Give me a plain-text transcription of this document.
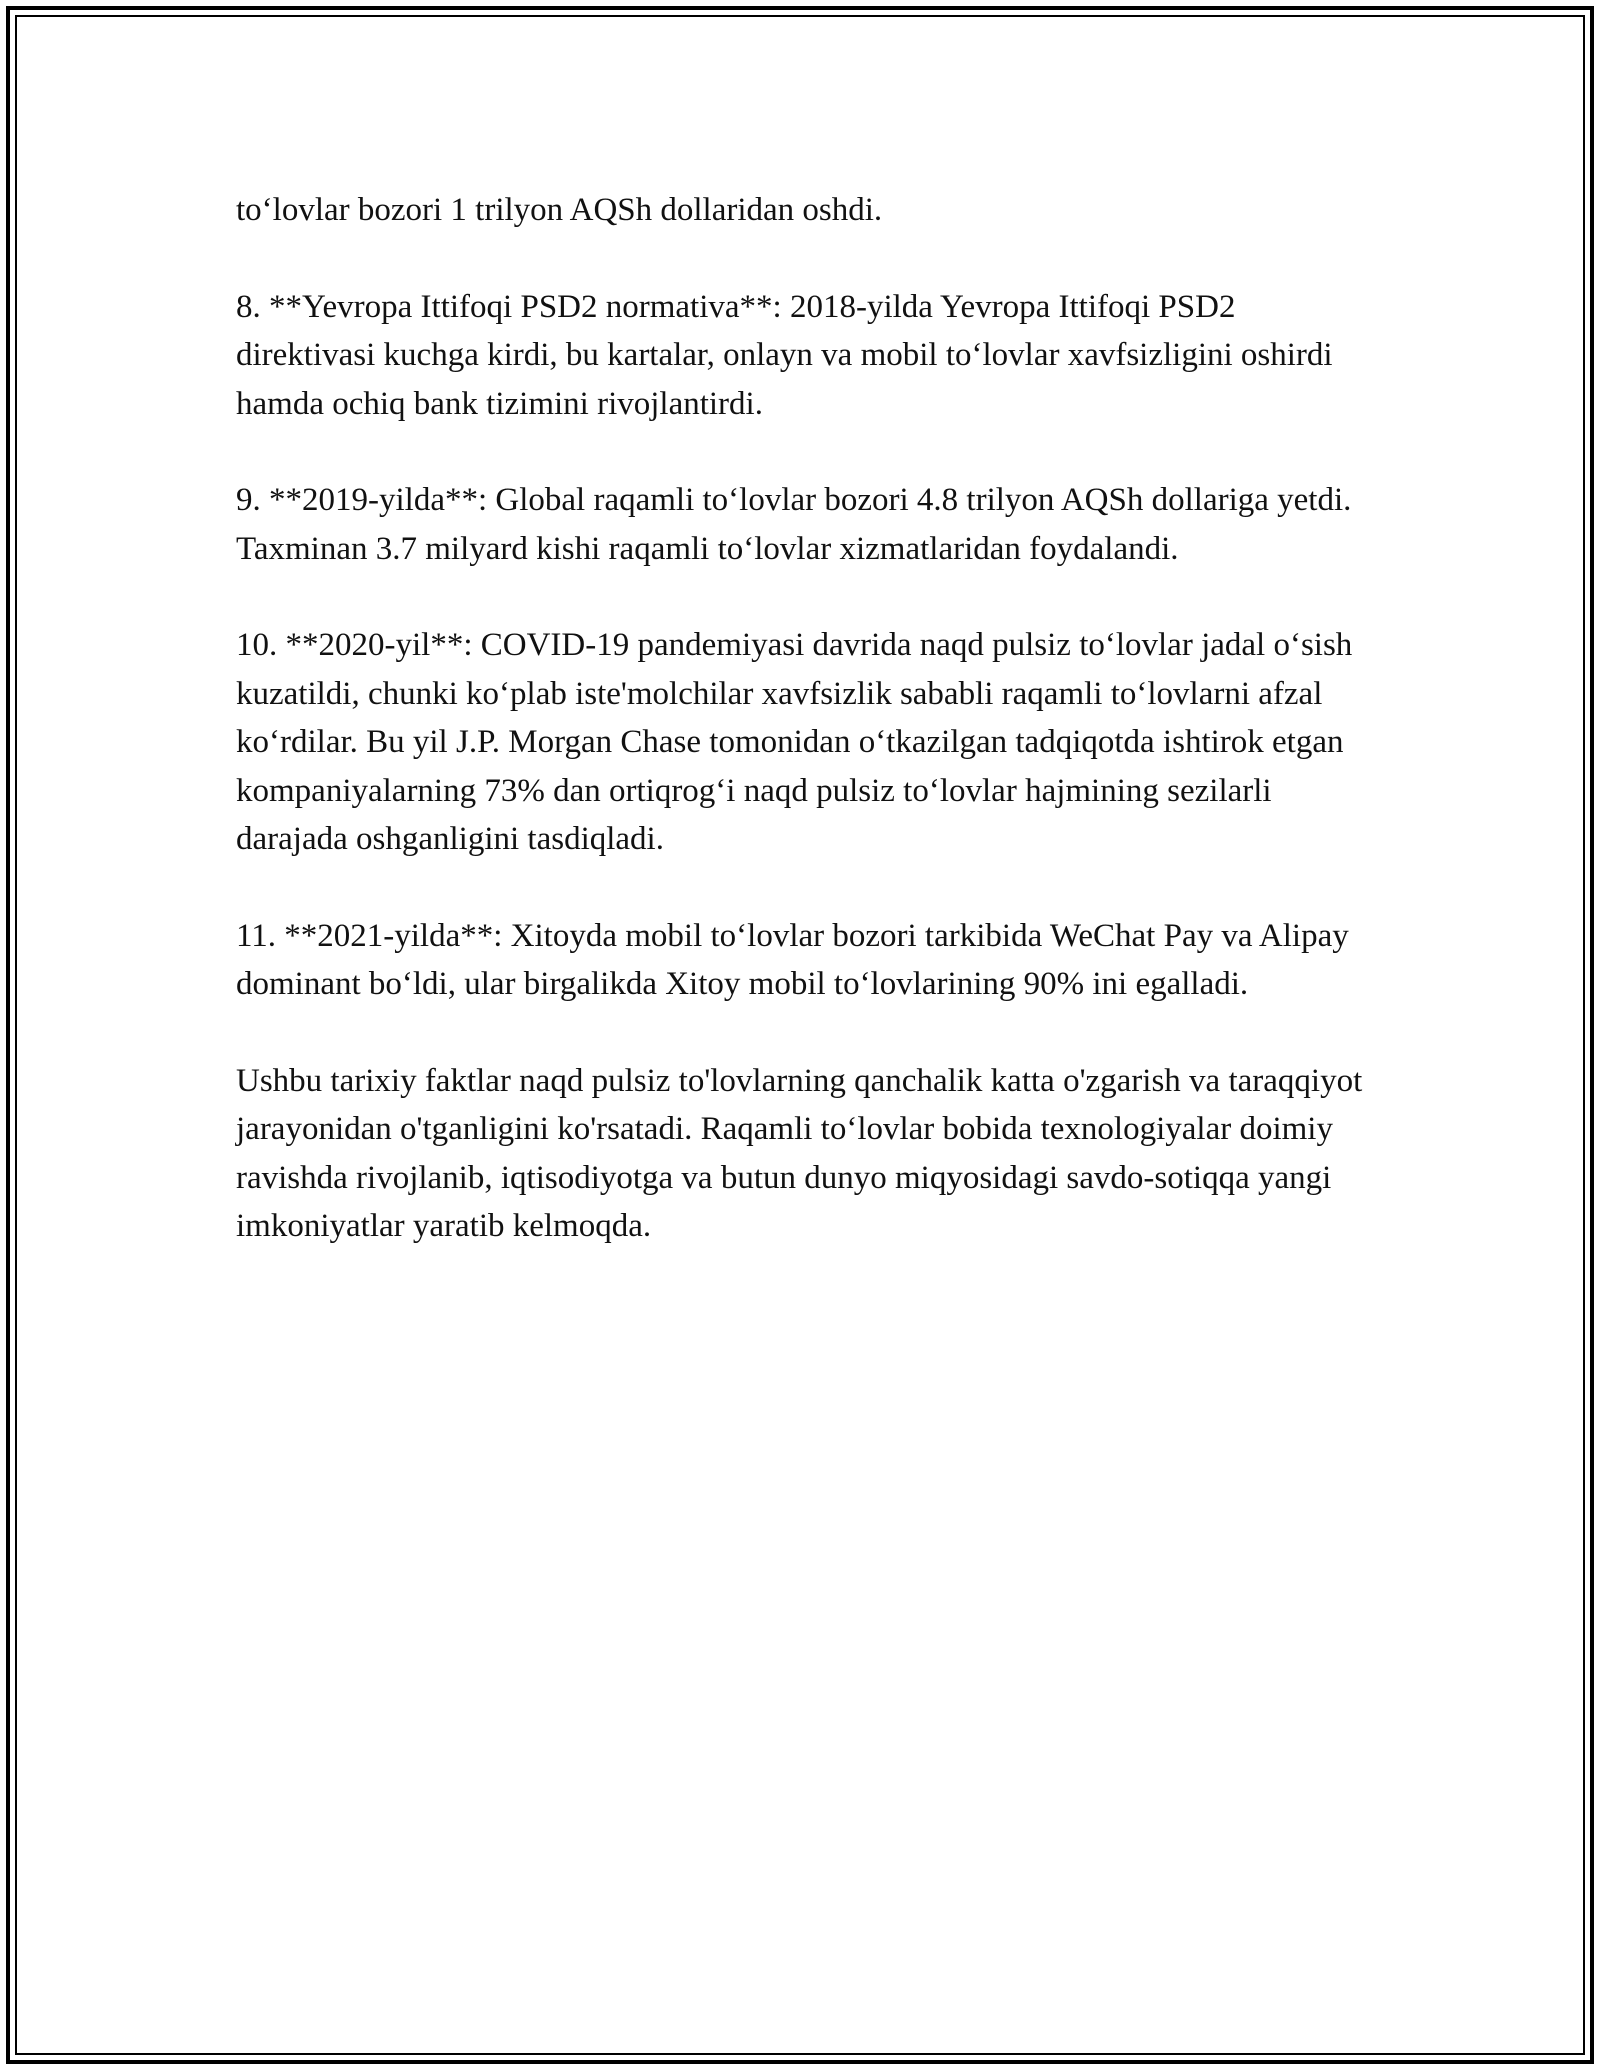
to‘lovlar bozori 1 trilyon AQSh dollaridan oshdi.

8. **Yevropa Ittifoqi PSD2 normativa**: 2018-yilda Yevropa Ittifoqi PSD2 direktivasi kuchga kirdi, bu kartalar, onlayn va mobil to‘lovlar xavfsizligini oshirdi hamda ochiq bank tizimini rivojlantirdi.

9. **2019-yilda**: Global raqamli to‘lovlar bozori 4.8 trilyon AQSh dollariga yetdi. Taxminan 3.7 milyard kishi raqamli to‘lovlar xizmatlaridan foydalandi.

10. **2020-yil**: COVID-19 pandemiyasi davrida naqd pulsiz to‘lovlar jadal o‘sish kuzatildi, chunki ko‘plab iste'molchilar xavfsizlik sababli raqamli to‘lovlarni afzal ko‘rdilar. Bu yil J.P. Morgan Chase tomonidan o‘tkazilgan tadqiqotda ishtirok etgan kompaniyalarning 73% dan ortiqrog‘i naqd pulsiz to‘lovlar hajmining sezilarli darajada oshganligini tasdiqladi.

11. **2021-yilda**: Xitoyda mobil to‘lovlar bozori tarkibida WeChat Pay va Alipay dominant bo‘ldi, ular birgalikda Xitoy mobil to‘lovlarining 90% ini egalladi.

Ushbu tarixiy faktlar naqd pulsiz to'lovlarning qanchalik katta o'zgarish va taraqqiyot jarayonidan o'tganligini ko'rsatadi. Raqamli to‘lovlar bobida texnologiyalar doimiy ravishda rivojlanib, iqtisodiyotga va butun dunyo miqyosidagi savdo-sotiqqa yangi imkoniyatlar yaratib kelmoqda.
